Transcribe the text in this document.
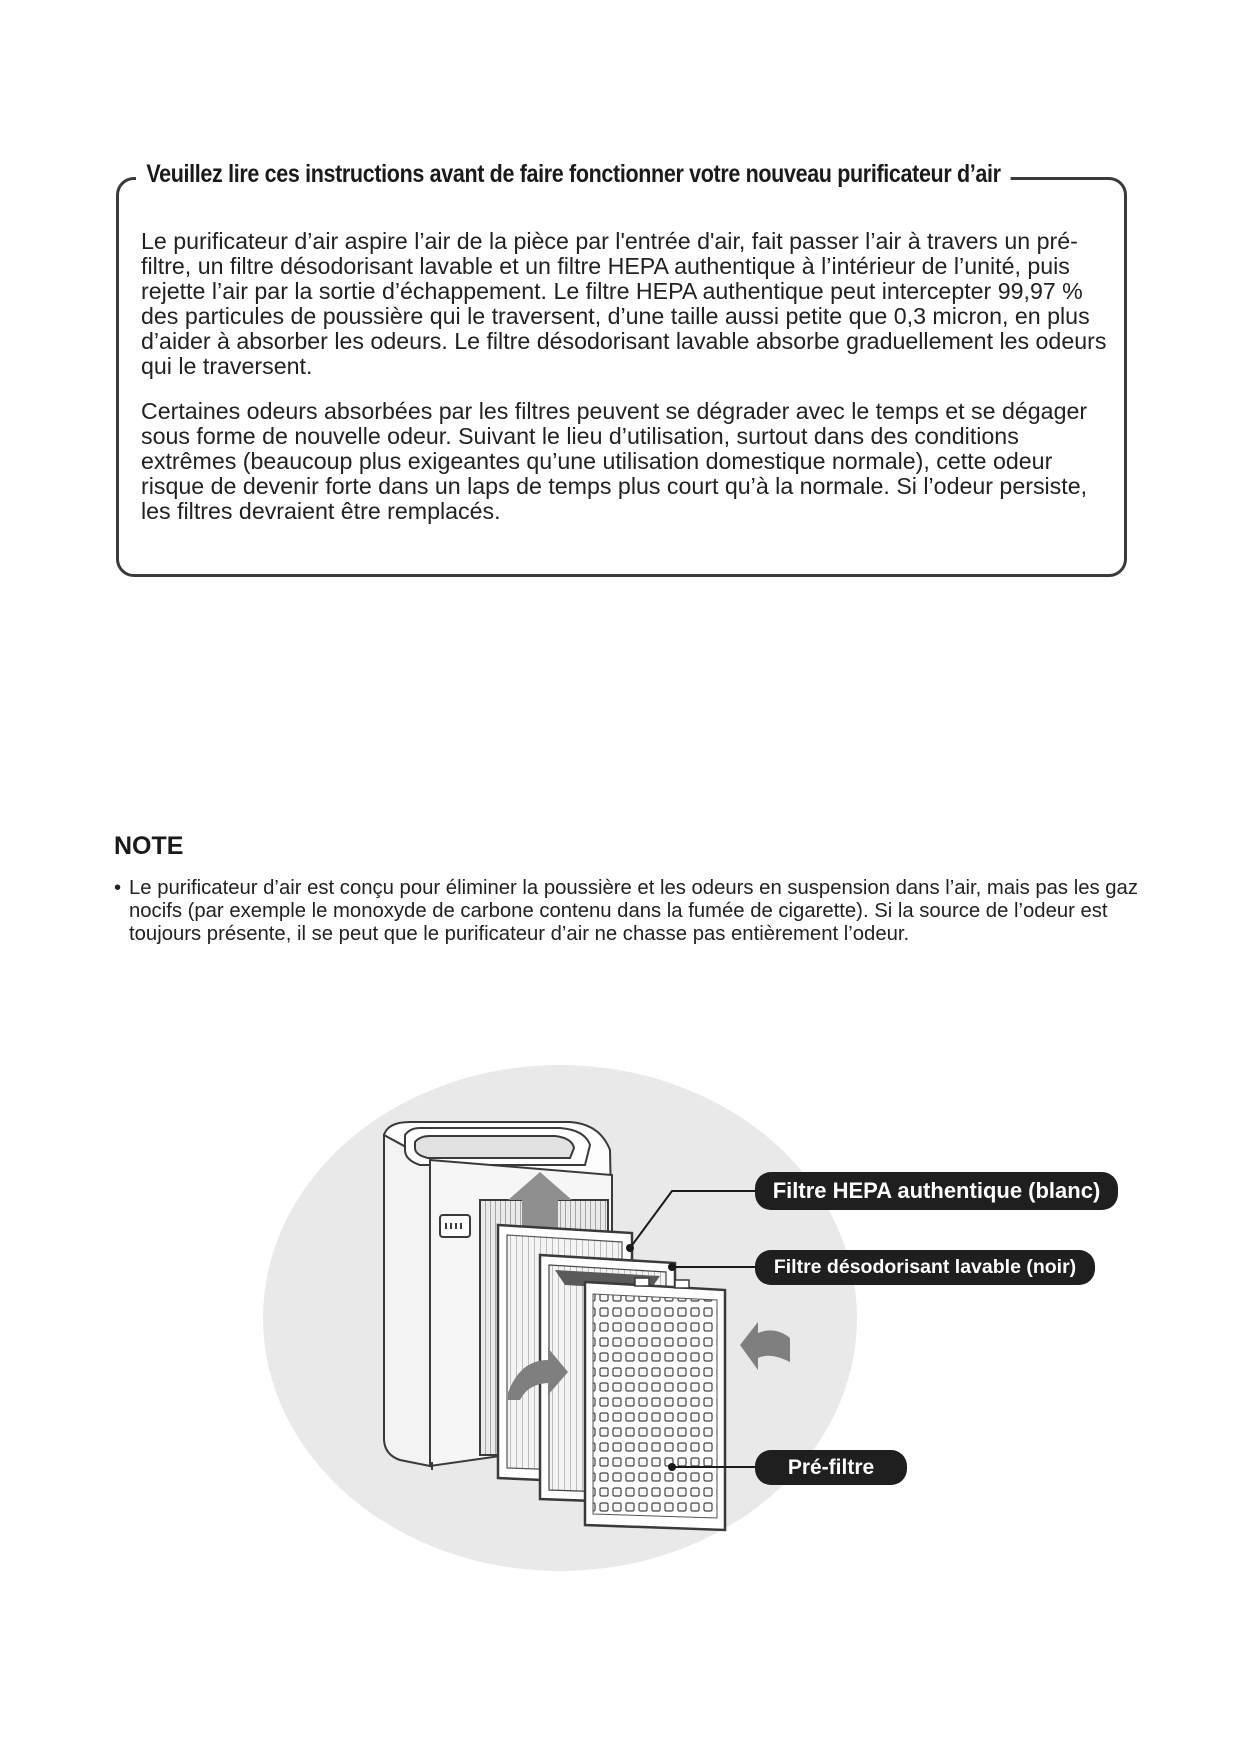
Veuillez lire ces instructions avant de faire fonctionner votre nouveau purificateur d’air

Le purificateur d’air aspire l’air de la pièce par l'entrée d'air, fait passer l’air à travers un pré-filtre, un filtre désodorisant lavable et un filtre HEPA authentique à l’intérieur de l’unité, puis rejette l’air par la sortie d’échappement. Le filtre HEPA authentique peut intercepter 99,97 % des particules de poussière qui le traversent, d’une taille aussi petite que 0,3 micron, en plus d’aider à absorber les odeurs. Le filtre désodorisant lavable absorbe graduellement les odeurs qui le traversent.

Certaines odeurs absorbées par les filtres peuvent se dégrader avec le temps et se dégager sous forme de nouvelle odeur. Suivant le lieu d’utilisation, surtout dans des conditions extrêmes (beaucoup plus exigeantes qu’une utilisation domestique normale), cette odeur risque de devenir forte dans un laps de temps plus court qu’à la normale. Si l’odeur persiste, les filtres devraient être remplacés.

NOTE
• Le purificateur d’air est conçu pour éliminer la poussière et les odeurs en suspension dans l’air, mais pas les gaz nocifs (par exemple le monoxyde de carbone contenu dans la fumée de cigarette). Si la source de l’odeur est toujours présente, il se peut que le purificateur d’air ne chasse pas entièrement l’odeur.
Filtre HEPA authentique (blanc)
Filtre désodorisant lavable (noir)
Pré-filtre
